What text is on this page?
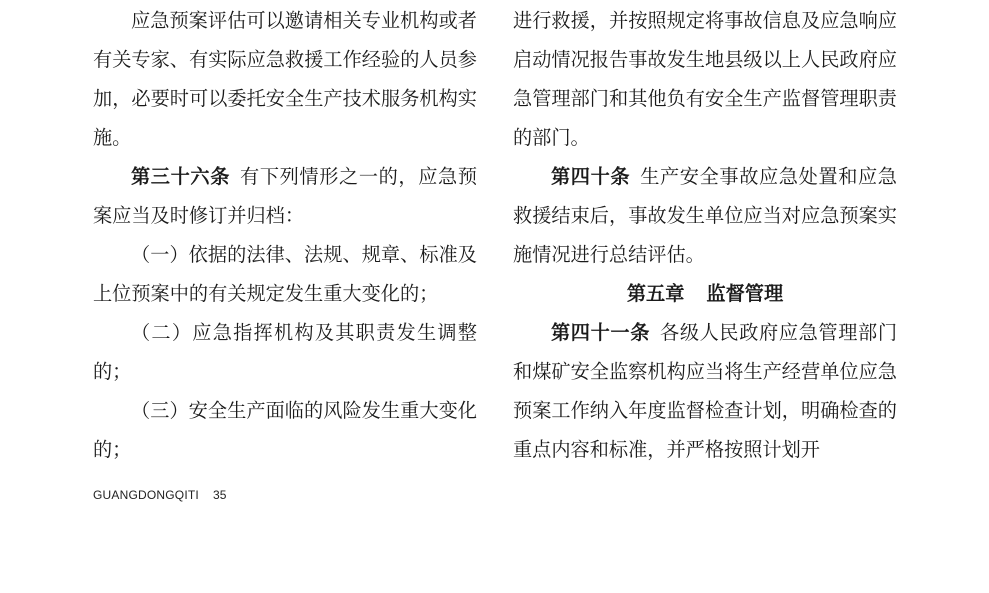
应急预案评估可以邀请相关专业机构或者有关专家、有实际应急救援工作经验的人员参加，必要时可以委托安全生产技术服务机构实施。

第三十六条 有下列情形之一的，应急预案应当及时修订并归档：

（一）依据的法律、法规、规章、标准及上位预案中的有关规定发生重大变化的；

（二）应急指挥机构及其职责发生调整的；

（三）安全生产面临的风险发生重大变化的；

进行救援，并按照规定将事故信息及应急响应启动情况报告事故发生地县级以上人民政府应急管理部门和其他负有安全生产监督管理职责的部门。

第四十条 生产安全事故应急处置和应急救援结束后，事故发生单位应当对应急预案实施情况进行总结评估。

第五章 监督管理

第四十一条 各级人民政府应急管理部门和煤矿安全监察机构应当将生产经营单位应急预案工作纳入年度监督检查计划，明确检查的重点内容和标准，并严格按照计划开

GUANGDONGQITI 35
